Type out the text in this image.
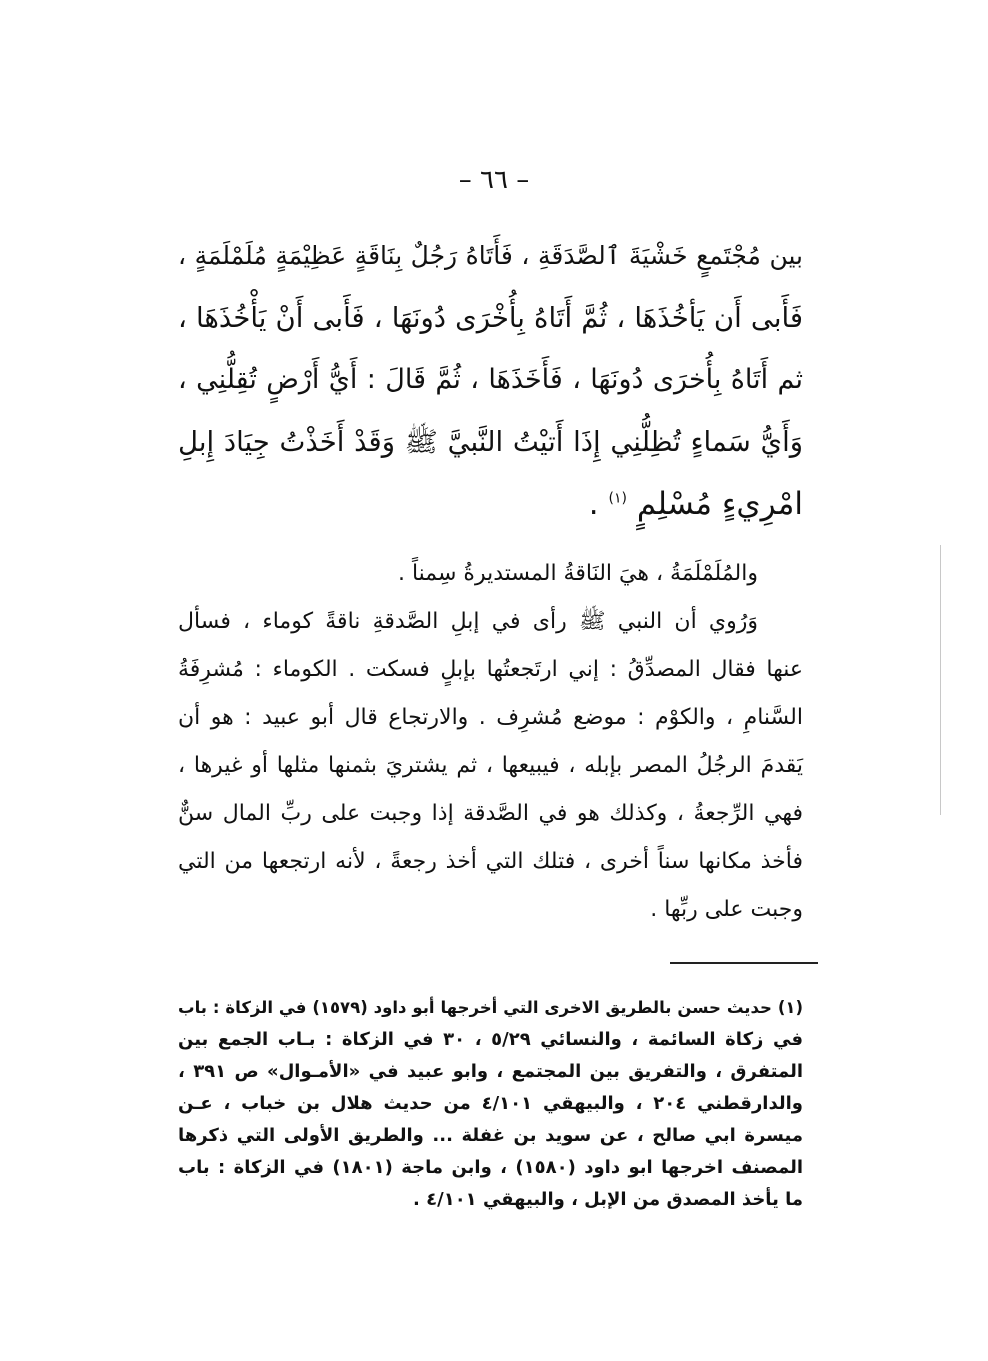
– ٦٦ –
بين مُجْتَمعٍ خَشْيَةَ ٱلصَّدَقَةِ ، فَأَتَاهُ رَجُلٌ بِنَاقَةٍ عَظِيْمَةٍ مُلَمْلَمَةٍ ،
فَأَبى أَن يَأخُذَهَا ، ثُمَّ أَتَاهُ بِأُخْرَى دُونَهَا ، فَأَبى أَنْ يَأْخُذَهَا ،
ثم أَتَاهُ بِأُخرَى دُونَهَا ، فَأَخَذَهَا ، ثُمَّ قَالَ : أَيُّ أَرْضٍ تُقِلُّنِي ،
وَأَيُّ سَماءٍ تُظِلُّنِي إِذَا أَتيْتُ النَّبيَّ ﷺ وَقَدْ أَخَذْتُ جِيَادَ إِبلِ
امْرِيءٍ مُسْلِمٍ $^{(١)}$ .
والمُلَمْلَمَةُ ، هيَ النَاقةُ المستديرةُ سِمناً .
وَرُوي أن النبي ﷺ رأى في إبلِ الصَّدقةِ ناقةً كوماء ، فسأل
عنها فقال المصدِّقُ : إني ارتَجعتُها بإبلٍ فسكت . الكوماء : مُشرِفَةُ
السَّنامِ ، والكوْم : موضع مُشرِف . والارتجاع قال أبو عبيد : هو أن
يَقدمَ الرجُلُ المصر بإبله ، فيبيعها ، ثم يشتريَ بثمنها مثلها أو غيرها ،
فهي الرِّجعةُ ، وكذلك هو في الصَّدقة إذا وجبت على ربِّ المال سنٌّ
فأخذ مكانها سناً أخرى ، فتلك التي أخذ رجعةً ، لأنه ارتجعها من التي
وجبت على ربِّها .
(١) حديث حسن بالطريق الاخرى التي أخرجها أبو داود (١٥٧٩) في الزكاة : باب
في زكاة السائمة ، والنسائي ٥/٢٩ ، ٣٠ في الزكاة : بـاب الجمع بين
المتفرق ، والتفريق بين المجتمع ، وابو عبيد في «الأمـوال» ص ٣٩١ ،
والدارقطني ٢٠٤ ، والبيهقي ٤/١٠١ من حديث هلال بن خباب ، عـن
ميسرة ابي صالح ، عن سويد بن غفلة ... والطريق الأولى التي ذكرها
المصنف اخرجها ابو داود (١٥٨٠) ، وابن ماجة (١٨٠١) في الزكاة : باب
ما يأخذ المصدق من الإبل ، والبيهقي ٤/١٠١ .
